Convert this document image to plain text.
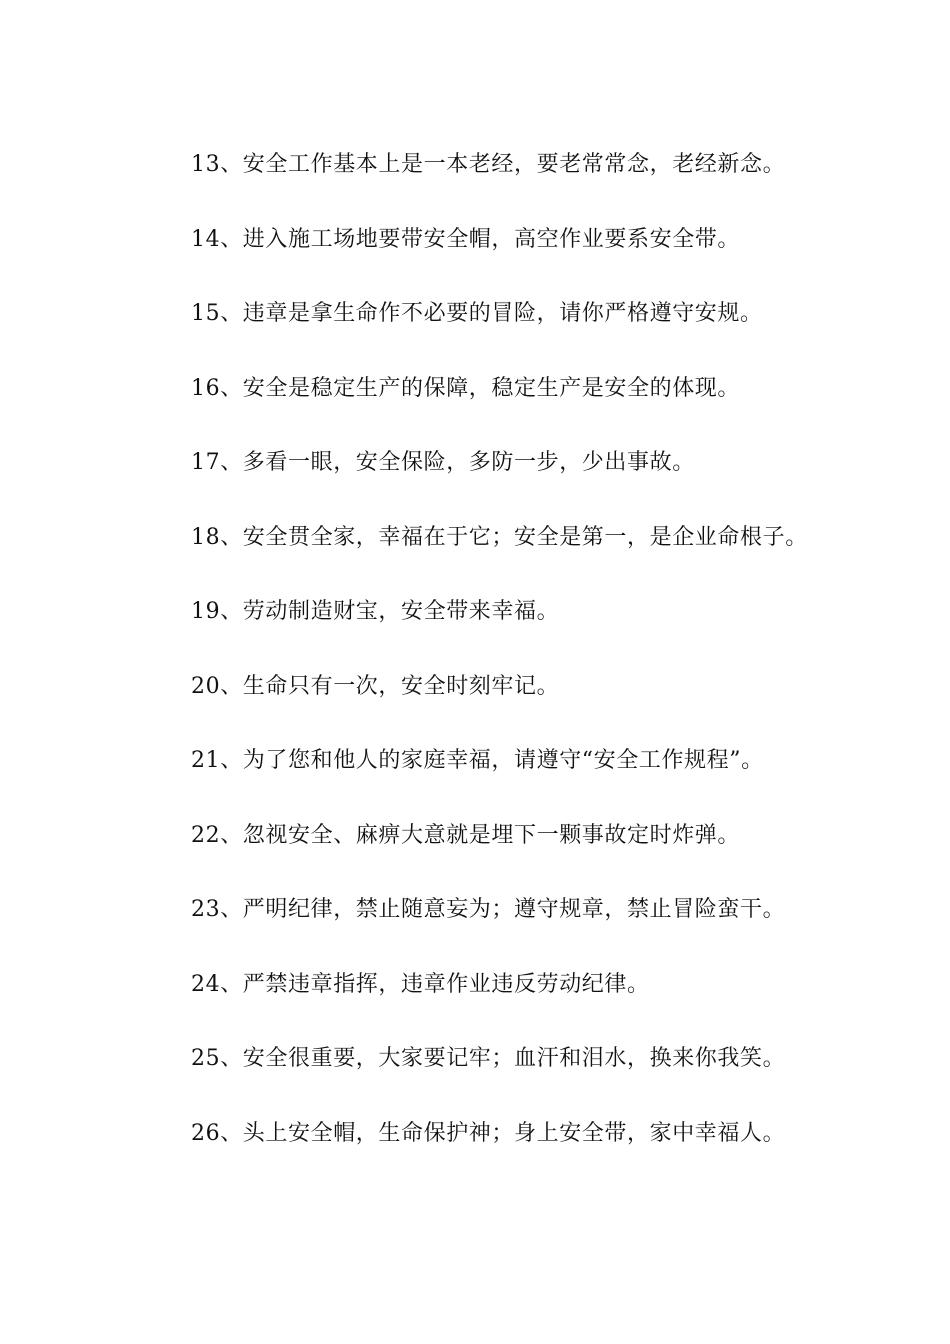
13、安全工作基本上是一本老经，要老常常念，老经新念。

14、进入施工场地要带安全帽，高空作业要系安全带。

15、违章是拿生命作不必要的冒险，请你严格遵守安规。

16、安全是稳定生产的保障，稳定生产是安全的体现。

17、多看一眼，安全保险，多防一步，少出事故。

18、安全贯全家，幸福在于它；安全是第一，是企业命根子。

19、劳动制造财宝，安全带来幸福。

20、生命只有一次，安全时刻牢记。

21、为了您和他人的家庭幸福，请遵守“安全工作规程”。

22、忽视安全、麻痹大意就是埋下一颗事故定时炸弹。

23、严明纪律，禁止随意妄为；遵守规章，禁止冒险蛮干。

24、严禁违章指挥，违章作业违反劳动纪律。

25、安全很重要，大家要记牢；血汗和泪水，换来你我笑。

26、头上安全帽，生命保护神；身上安全带，家中幸福人。
